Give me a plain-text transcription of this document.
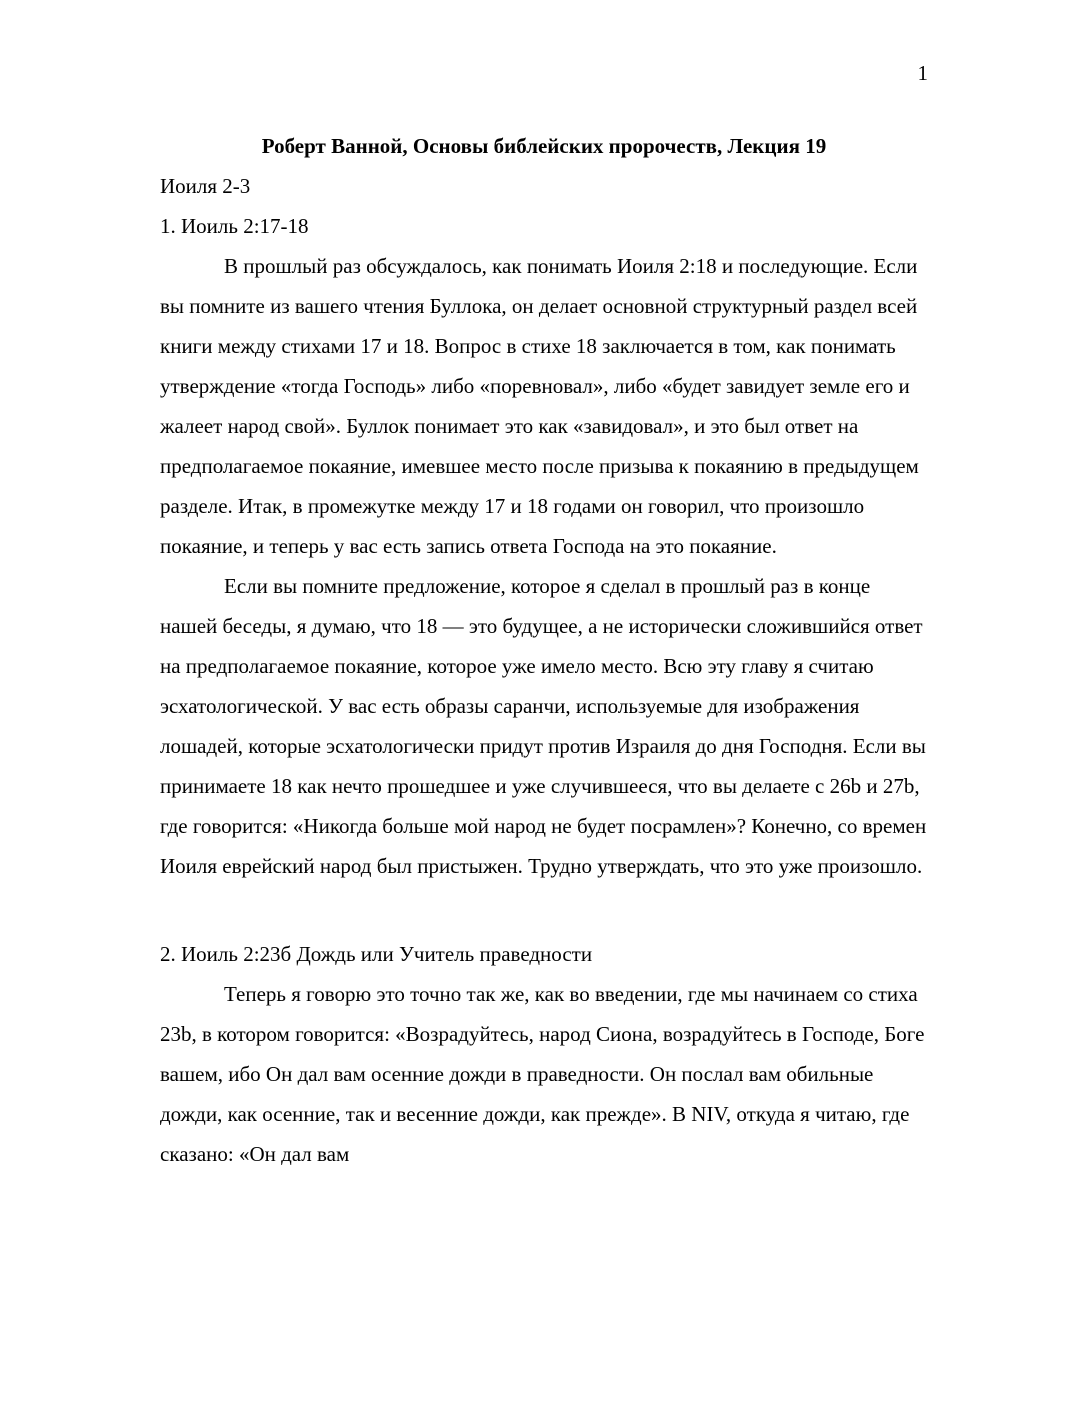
1
Роберт Ванной, Основы библейских пророчеств, Лекция 19

Иоиля 2-3

1. Иоиль 2:17-18

В прошлый раз обсуждалось, как понимать Иоиля 2:18 и последующие. Если вы помните из вашего чтения Буллока, он делает основной структурный раздел всей книги между стихами 17 и 18. Вопрос в стихе 18 заключается в том, как понимать утверждение «тогда Господь» либо «поревновал», либо «будет завидует земле его и жалеет народ свой». Буллок понимает это как «завидовал», и это был ответ на предполагаемое покаяние, имевшее место после призыва к покаянию в предыдущем разделе. Итак, в промежутке между 17 и 18 годами он говорил, что произошло покаяние, и теперь у вас есть запись ответа Господа на это покаяние.

Если вы помните предложение, которое я сделал в прошлый раз в конце нашей беседы, я думаю, что 18 — это будущее, а не исторически сложившийся ответ на предполагаемое покаяние, которое уже имело место. Всю эту главу я считаю эсхатологической. У вас есть образы саранчи, используемые для изображения лошадей, которые эсхатологически придут против Израиля до дня Господня. Если вы принимаете 18 как нечто прошедшее и уже случившееся, что вы делаете с 26b и 27b, где говорится: «Никогда больше мой народ не будет посрамлен»? Конечно, со времен Иоиля еврейский народ был пристыжен. Трудно утверждать, что это уже произошло.

2. Иоиль 2:23б Дождь или Учитель праведности

Теперь я говорю это точно так же, как во введении, где мы начинаем со стиха 23b, в котором говорится: «Возрадуйтесь, народ Сиона, возрадуйтесь в Господе, Боге вашем, ибо Он дал вам осенние дожди в праведности. Он послал вам обильные дожди, как осенние, так и весенние дожди, как прежде». В NIV, откуда я читаю, где сказано: «Он дал вам
